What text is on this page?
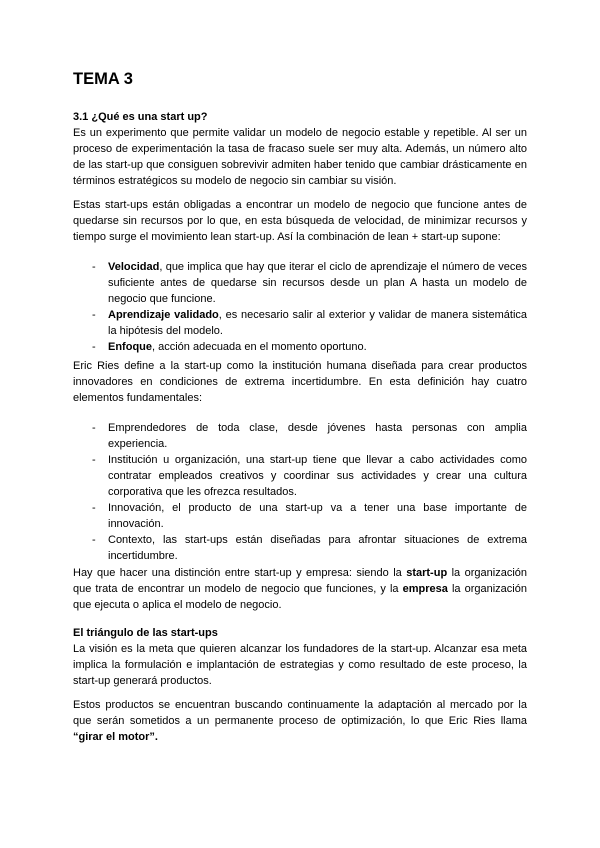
TEMA 3
3.1 ¿Qué es una start up?
Es un experimento que permite validar un modelo de negocio estable y repetible. Al ser un proceso de experimentación la tasa de fracaso suele ser muy alta. Además, un número alto de las start-up que consiguen sobrevivir admiten haber tenido que cambiar drásticamente en términos estratégicos su modelo de negocio sin cambiar su visión.
Estas start-ups están obligadas a encontrar un modelo de negocio que funcione antes de quedarse sin recursos por lo que, en esta búsqueda de velocidad, de minimizar recursos y tiempo surge el movimiento lean start-up. Así la combinación de lean + start-up supone:
- Velocidad, que implica que hay que iterar el ciclo de aprendizaje el número de veces suficiente antes de quedarse sin recursos desde un plan A hasta un modelo de negocio que funcione.
- Aprendizaje validado, es necesario salir al exterior y validar de manera sistemática la hipótesis del modelo.
- Enfoque, acción adecuada en el momento oportuno.
Eric Ries define a la start-up como la institución humana diseñada para crear productos innovadores en condiciones de extrema incertidumbre. En esta definición hay cuatro elementos fundamentales:
- Emprendedores de toda clase, desde jóvenes hasta personas con amplia experiencia.
- Institución u organización, una start-up tiene que llevar a cabo actividades como contratar empleados creativos y coordinar sus actividades y crear una cultura corporativa que les ofrezca resultados.
- Innovación, el producto de una start-up va a tener una base importante de innovación.
- Contexto, las start-ups están diseñadas para afrontar situaciones de extrema incertidumbre.
Hay que hacer una distinción entre start-up y empresa: siendo la start-up la organización que trata de encontrar un modelo de negocio que funciones, y la empresa la organización que ejecuta o aplica el modelo de negocio.
El triángulo de las start-ups
La visión es la meta que quieren alcanzar los fundadores de la start-up. Alcanzar esa meta implica la formulación e implantación de estrategias y como resultado de este proceso, la start-up generará productos.
Estos productos se encuentran buscando continuamente la adaptación al mercado por la que serán sometidos a un permanente proceso de optimización, lo que Eric Ries llama “girar el motor”.
